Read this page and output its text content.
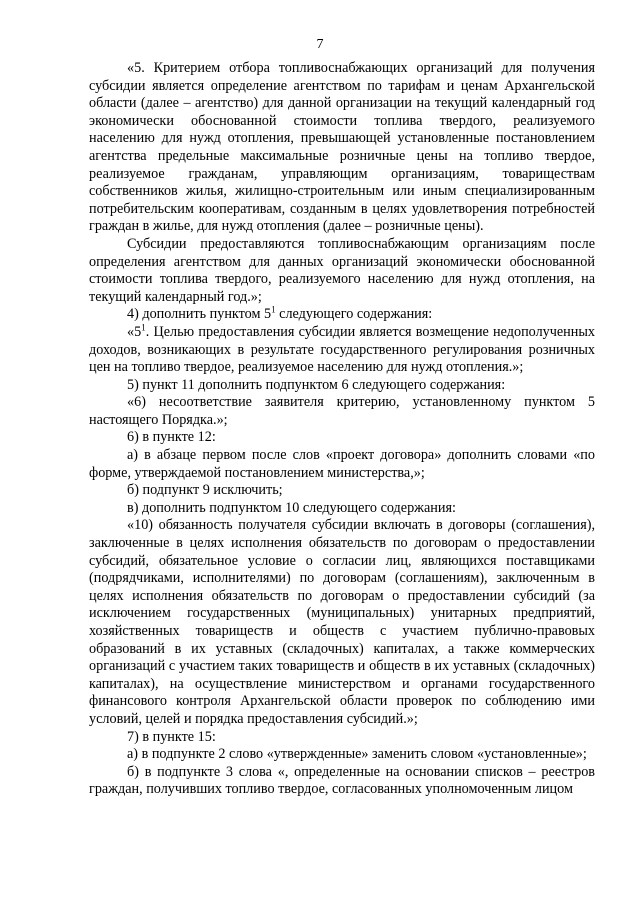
7

«5. Критерием отбора топливоснабжающих организаций для получения субсидии является определение агентством по тарифам и ценам Архангельской области (далее – агентство) для данной организации на текущий календарный год экономически обоснованной стоимости топлива твердого, реализуемого населению для нужд отопления, превышающей установленные постановлением агентства предельные максимальные розничные цены на топливо твердое, реализуемое гражданам, управляющим организациям, товариществам собственников жилья, жилищно-строительным или иным специализированным потребительским кооперативам, созданным в целях удовлетворения потребностей граждан в жилье, для нужд отопления (далее – розничные цены).

Субсидии предоставляются топливоснабжающим организациям после определения агентством для данных организаций экономически обоснованной стоимости топлива твердого, реализуемого населению для нужд отопления, на текущий календарный год.»;

4) дополнить пунктом $5^1$ следующего содержания:

«$5^1$. Целью предоставления субсидии является возмещение недополученных доходов, возникающих в результате государственного регулирования розничных цен на топливо твердое, реализуемое населению для нужд отопления.»;

5) пункт 11 дополнить подпунктом 6 следующего содержания:

«6) несоответствие заявителя критерию, установленному пунктом 5 настоящего Порядка.»;

6) в пункте 12:

а) в абзаце первом после слов «проект договора» дополнить словами «по форме, утверждаемой постановлением министерства,»;

б) подпункт 9 исключить;

в) дополнить подпунктом 10 следующего содержания:

«10) обязанность получателя субсидии включать в договоры (соглашения), заключенные в целях исполнения обязательств по договорам о предоставлении субсидий, обязательное условие о согласии лиц, являющихся поставщиками (подрядчиками, исполнителями) по договорам (соглашениям), заключенным в целях исполнения обязательств по договорам о предоставлении субсидий (за исключением государственных (муниципальных) унитарных предприятий, хозяйственных товариществ и обществ с участием публично-правовых образований в их уставных (складочных) капиталах, а также коммерческих организаций с участием таких товариществ и обществ в их уставных (складочных) капиталах), на осуществление министерством и органами государственного финансового контроля Архангельской области проверок по соблюдению ими условий, целей и порядка предоставления субсидий.»;

7) в пункте 15:

а) в подпункте 2 слово «утвержденные» заменить словом «установленные»;

б) в подпункте 3 слова «, определенные на основании списков – реестров граждан, получивших топливо твердое, согласованных уполномоченным лицом
